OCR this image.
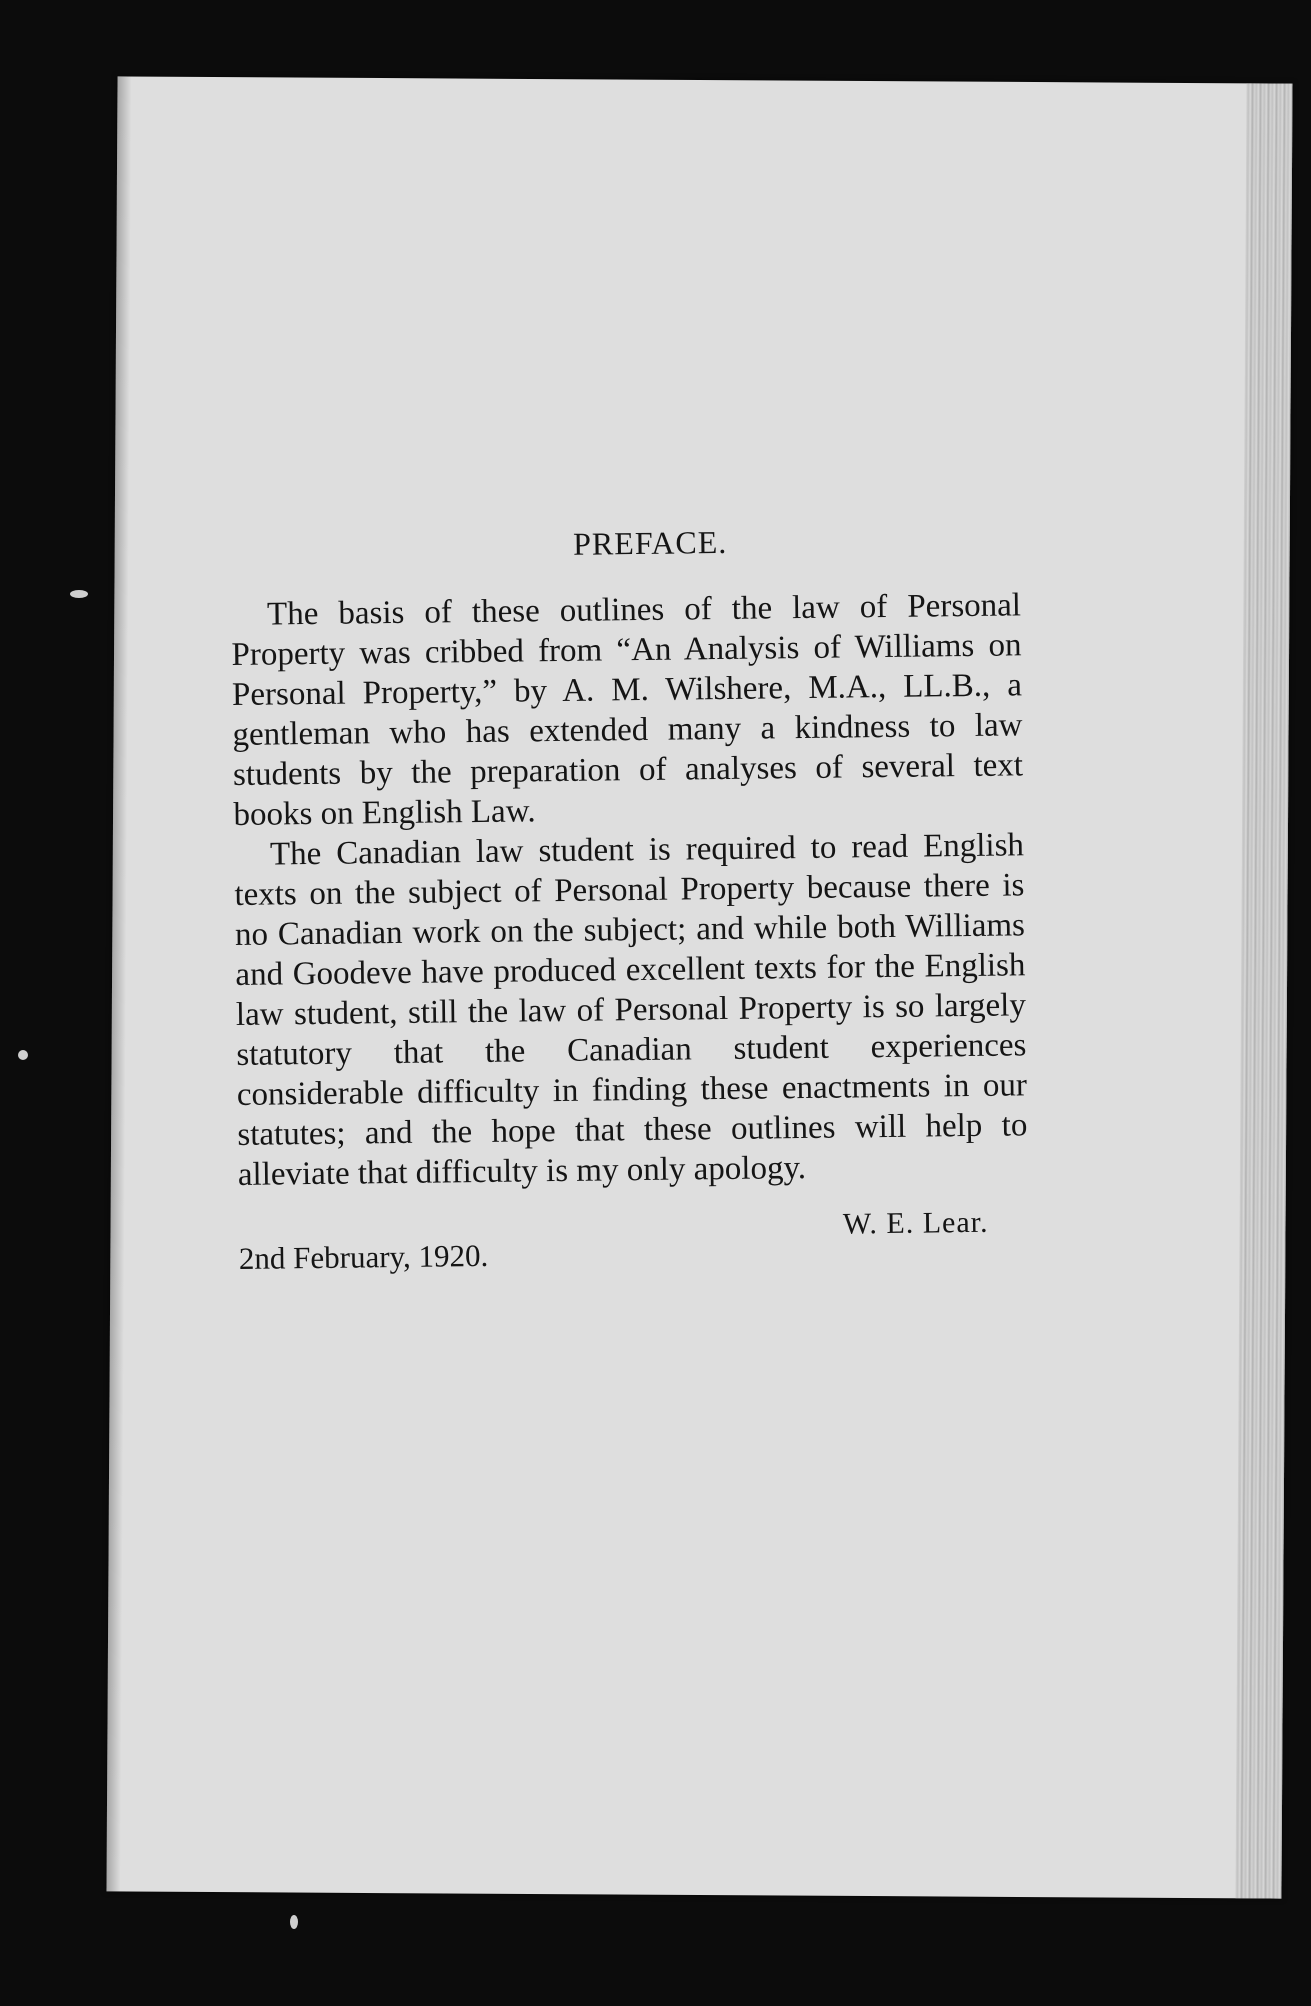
PREFACE.

The basis of these outlines of the law of Personal Property was cribbed from “An Analysis of Williams on Personal Property,” by A. M. Wilshere, M.A., LL.B., a gentleman who has extended many a kindness to law students by the preparation of analyses of several text books on English Law.

The Canadian law student is required to read English texts on the subject of Personal Property because there is no Canadian work on the subject; and while both Williams and Goodeve have produced excellent texts for the English law student, still the law of Personal Property is so largely statutory that the Canadian student experiences considerable difficulty in finding these enactments in our statutes; and the hope that these outlines will help to alleviate that difficulty is my only apology.

W. E. Lear.
2nd February, 1920.
